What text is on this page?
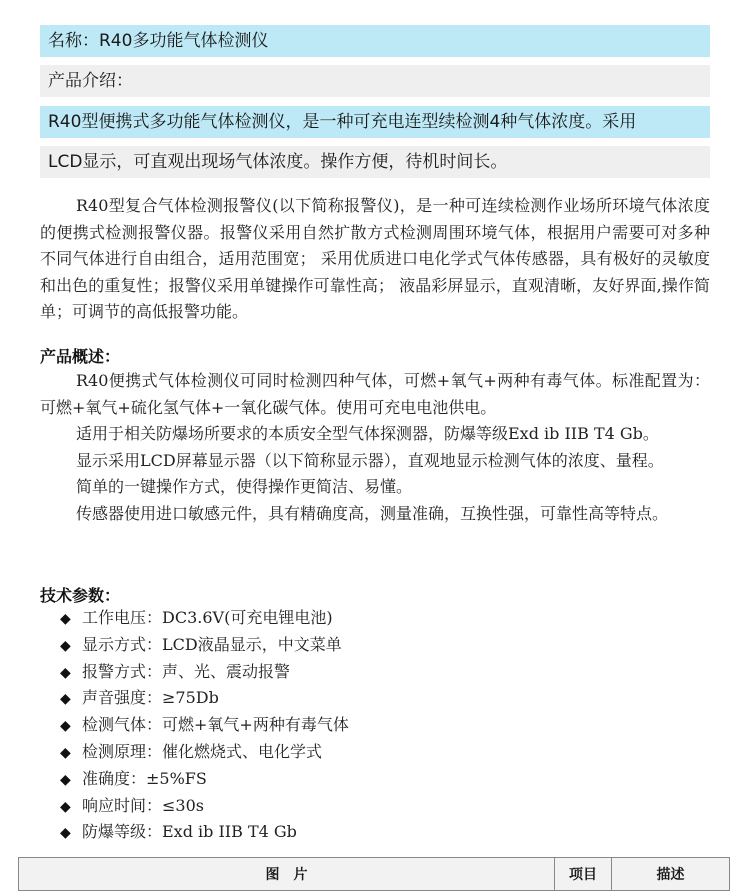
名称：R40多功能气体检测仪
产品介绍：
R40型便携式多功能气体检测仪，是一种可充电连型续检测4种气体浓度。采用
LCD显示，可直观出现场气体浓度。操作方便，待机时间长。
R40型复合气体检测报警仪(以下简称报警仪)，是一种可连续检测作业场所环境气体浓度的便携式检测报警仪器。报警仪采用自然扩散方式检测周围环境气体，根据用户需要可对多种不同气体进行自由组合，适用范围宽； 采用优质进口电化学式气体传感器，具有极好的灵敏度和出色的重复性；报警仪采用单键操作可靠性高； 液晶彩屏显示，直观清晰，友好界面,操作简单；可调节的高低报警功能。
产品概述：
R40便携式气体检测仪可同时检测四种气体，可燃+氧气+两种有毒气体。标准配置为：可燃+氧气+硫化氢气体+一氧化碳气体。使用可充电电池供电。
适用于相关防爆场所要求的本质安全型气体探测器，防爆等级Exd ib IIB T4 Gb。
显示采用LCD屏幕显示器（以下简称显示器），直观地显示检测气体的浓度、量程。
简单的一键操作方式，使得操作更简洁、易懂。
传感器使用进口敏感元件，具有精确度高，测量准确，互换性强，可靠性高等特点。
技术参数：
◆ 工作电压：DC3.6V(可充电锂电池)
◆ 显示方式：LCD液晶显示，中文菜单
◆ 报警方式：声、光、震动报警
◆ 声音强度：≥75Db
◆ 检测气体：可燃+氧气+两种有毒气体
◆ 检测原理：催化燃烧式、电化学式
◆ 准确度：±5%FS
◆ 响应时间：≤30s
◆ 防爆等级：Exd ib IIB T4 Gb
图　片	项目	描述
